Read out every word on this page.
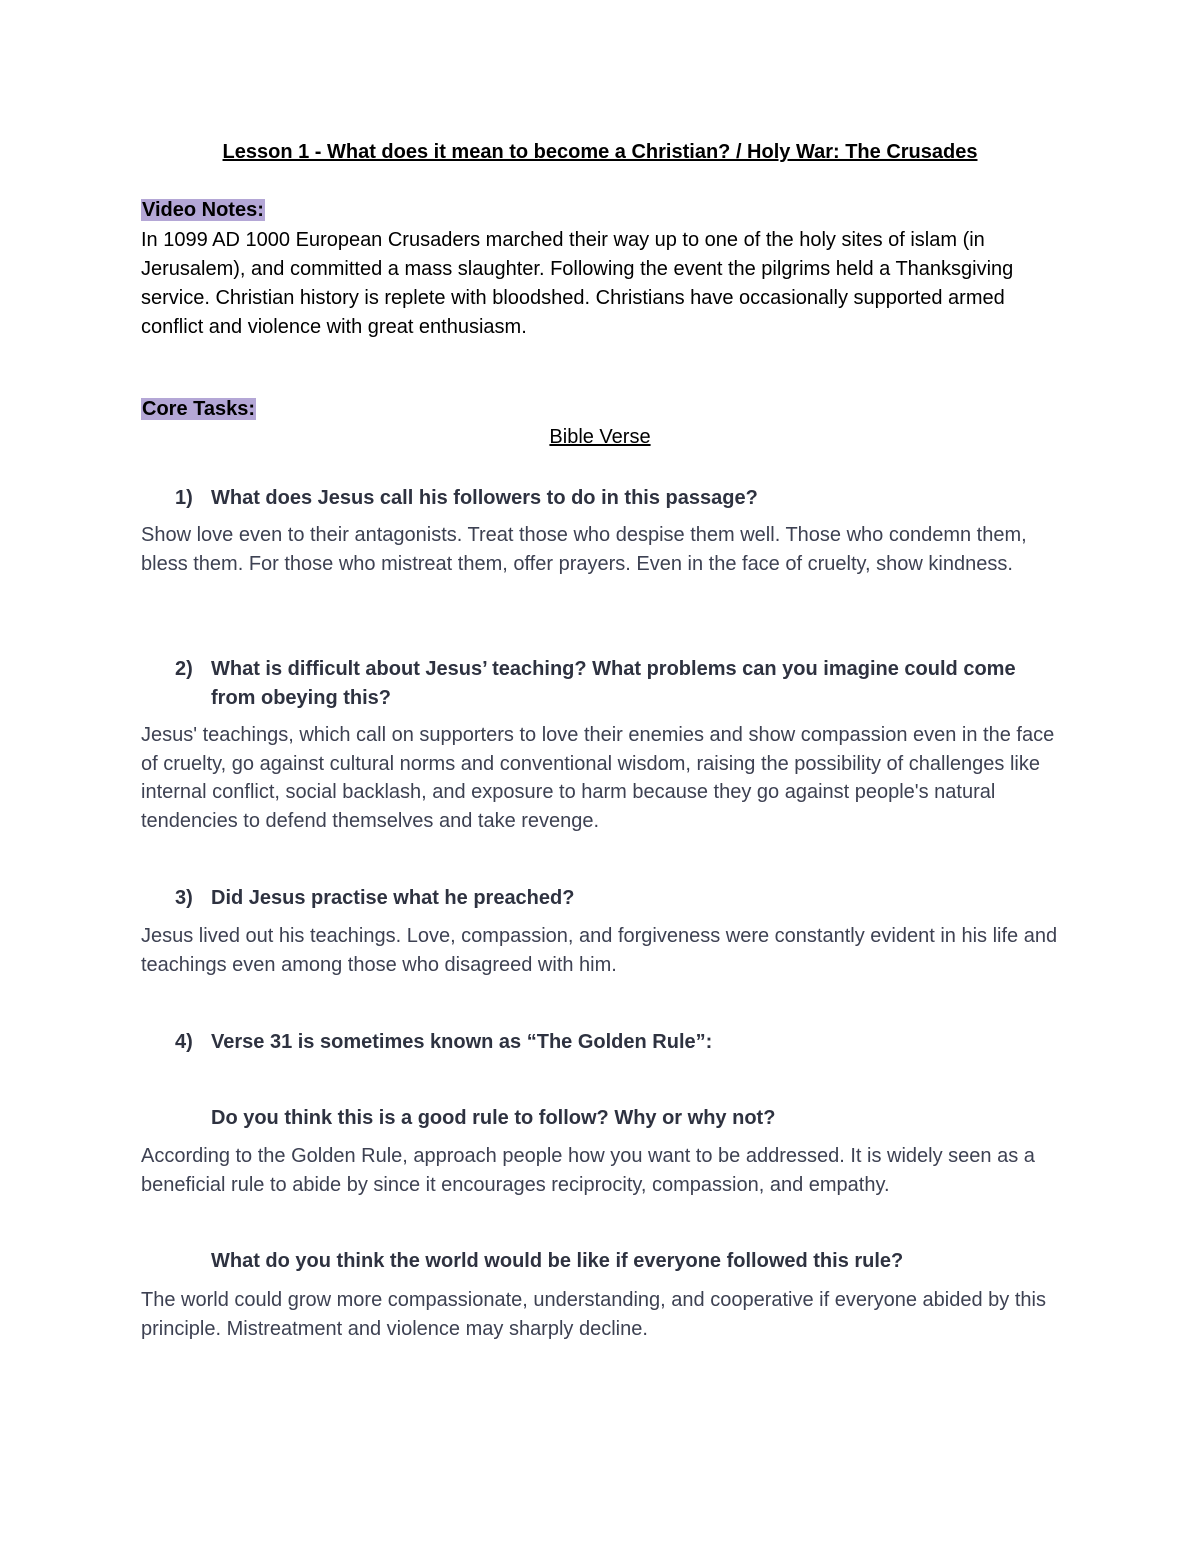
Lesson 1 - What does it mean to become a Christian? / Holy War: The Crusades
Video Notes:
In 1099 AD 1000 European Crusaders marched their way up to one of the holy sites of islam (in Jerusalem), and committed a mass slaughter. Following the event the pilgrims held a Thanksgiving service. Christian history is replete with bloodshed. Christians have occasionally supported armed conflict and violence with great enthusiasm.
Core Tasks:
Bible Verse
1) What does Jesus call his followers to do in this passage?
Show love even to their antagonists. Treat those who despise them well. Those who condemn them, bless them. For those who mistreat them, offer prayers. Even in the face of cruelty, show kindness.
2) What is difficult about Jesus’ teaching? What problems can you imagine could come from obeying this?
Jesus' teachings, which call on supporters to love their enemies and show compassion even in the face of cruelty, go against cultural norms and conventional wisdom, raising the possibility of challenges like internal conflict, social backlash, and exposure to harm because they go against people's natural tendencies to defend themselves and take revenge.
3) Did Jesus practise what he preached?
Jesus lived out his teachings. Love, compassion, and forgiveness were constantly evident in his life and teachings even among those who disagreed with him.
4) Verse 31 is sometimes known as “The Golden Rule”:
Do you think this is a good rule to follow? Why or why not?
According to the Golden Rule, approach people how you want to be addressed. It is widely seen as a beneficial rule to abide by since it encourages reciprocity, compassion, and empathy.
What do you think the world would be like if everyone followed this rule?
The world could grow more compassionate, understanding, and cooperative if everyone abided by this principle. Mistreatment and violence may sharply decline.
